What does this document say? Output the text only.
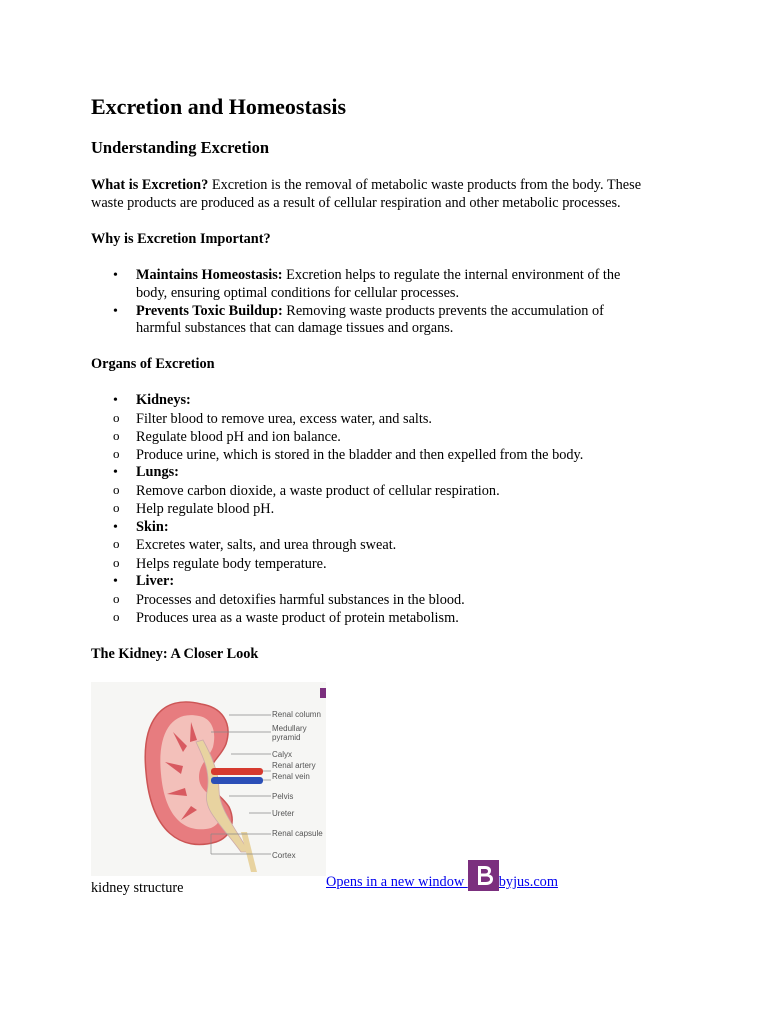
Excretion and Homeostasis
Understanding Excretion

What is Excretion? Excretion is the removal of metabolic waste products from the body. These
waste products are produced as a result of cellular respiration and other metabolic processes.

Why is Excretion Important?
• Maintains Homeostasis: Excretion helps to regulate the internal environment of the
body, ensuring optimal conditions for cellular processes.
• Prevents Toxic Buildup: Removing waste products prevents the accumulation of
harmful substances that can damage tissues and organs.
Organs of Excretion
• Kidneys:
o Filter blood to remove urea, excess water, and salts.
o Regulate blood pH and ion balance.
o Produce urine, which is stored in the bladder and then expelled from the body.
• Lungs:
o Remove carbon dioxide, a waste product of cellular respiration.
o Help regulate blood pH.
• Skin:
o Excretes water, salts, and urea through sweat.
o Helps regulate body temperature.
• Liver:
o Processes and detoxifies harmful substances in the blood.
o Produces urea as a waste product of protein metabolism.
The Kidney: A Closer Look
Renal column
Medullary
pyramid
Calyx
Renal artery
Renal vein
Pelvis
Ureter
Renal capsule
Cortex
Opens in a new window byjus.com
kidney structure
